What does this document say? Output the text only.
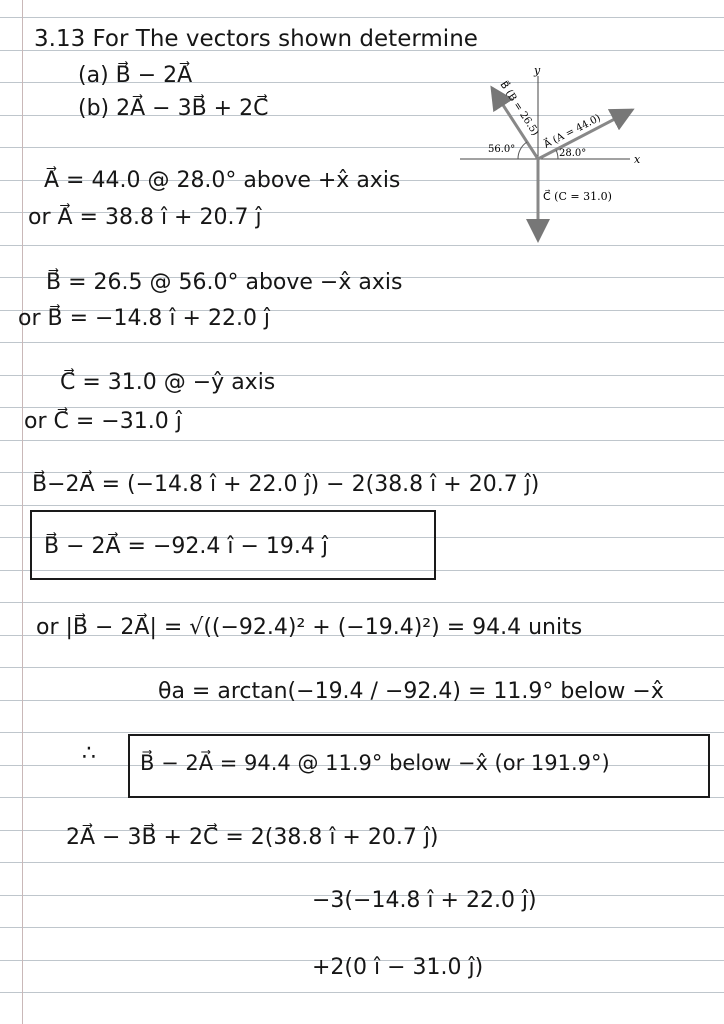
3.13 For The vectors shown determine
(a) B⃗ − 2A⃗
(b) 2A⃗ − 3B⃗ + 2C⃗
x
y
A⃗ (A = 44.0)
28.0°
B⃗ (B = 26.5)
56.0°
C⃗ (C = 31.0)
A⃗ = 44.0 @ 28.0° above +x̂ axis
or A⃗ = 38.8 î + 20.7 ĵ
B⃗ = 26.5 @ 56.0° above −x̂ axis
or B⃗ = −14.8 î + 22.0 ĵ
C⃗ = 31.0 @ −ŷ axis
or C⃗ = −31.0 ĵ
B⃗−2A⃗ = (−14.8 î + 22.0 ĵ) − 2(38.8 î + 20.7 ĵ)
B⃗ − 2A⃗ = −92.4 î − 19.4 ĵ
or |B⃗ − 2A⃗| = √((−92.4)² + (−19.4)²) = 94.4 units
θa = arctan(−19.4 / −92.4) = 11.9° below −x̂
∴ B⃗ − 2A⃗ = 94.4 @ 11.9° below −x̂ (or 191.9°)
2A⃗ − 3B⃗ + 2C⃗ = 2(38.8 î + 20.7 ĵ)
−3(−14.8 î + 22.0 ĵ)
+2(0 î − 31.0 ĵ)
